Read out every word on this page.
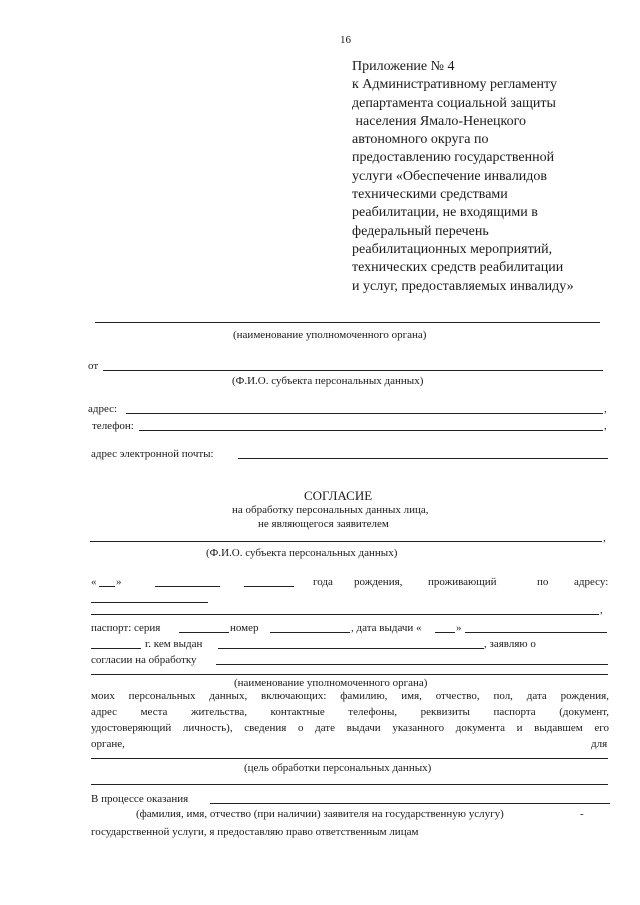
16
Приложение № 4
к Административному регламенту
департамента социальной защиты
населения Ямало-Ненецкого
автономного округа по
предоставлению государственной
услуги «Обеспечение инвалидов
техническими средствами
реабилитации, не входящими в
федеральный перечень
реабилитационных мероприятий,
технических средств реабилитации
и услуг, предоставляемых инвалиду»
(наименование уполномоченного органа)
от
(Ф.И.О. субъекта персональных данных)
адрес:	,
телефон:	,
адрес электронной почты:
СОГЛАСИЕ
на обработку персональных данных лица,
не являющегося заявителем
,
(Ф.И.О. субъекта персональных данных)
« »	года рождения, проживающий	по адресу:
,
паспорт: серия	номер	, дата выдачи «	»
г. кем выдан	, заявляю о
согласии на обработку
(наименование уполномоченного органа)
моих персональных данных, включающих: фамилию, имя, отчество, пол, дата рождения,
адрес места жительства, контактные телефоны, реквизиты паспорта (документ,
удостоверяющий личность), сведения о дате выдачи указанного документа и выдавшем его
органе,	для
(цель обработки персональных данных)
В процессе оказания
(фамилия, имя, отчество (при наличии) заявителя на государственную услугу)	-
государственной услуги, я предоставляю право ответственным лицам
